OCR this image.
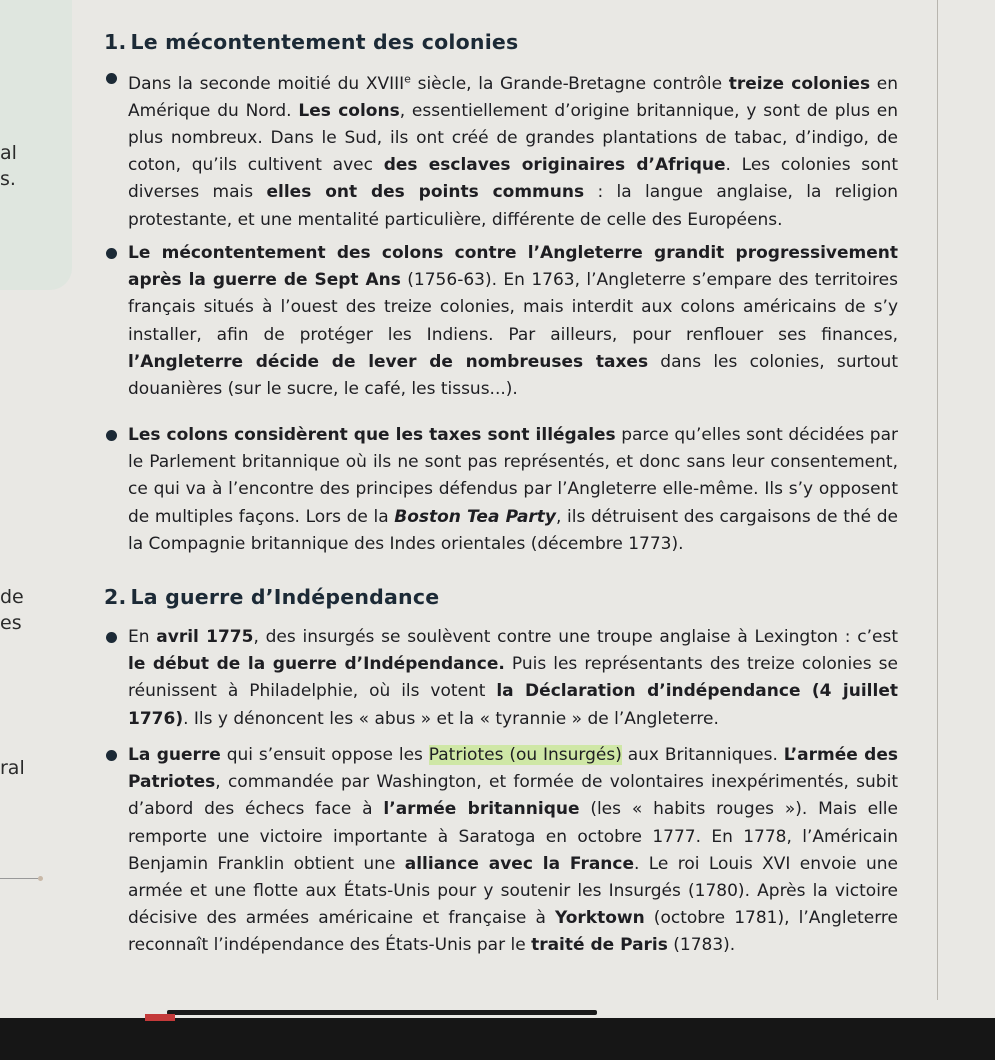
al
s.
de
es
ral
1. Le mécontentement des colonies
Dans la seconde moitié du XVIIIe siècle, la Grande-Bretagne contrôle treize colonies en Amérique du Nord. Les colons, essentiellement d’origine britannique, y sont de plus en plus nombreux. Dans le Sud, ils ont créé de grandes plantations de tabac, d’indigo, de coton, qu’ils cultivent avec des esclaves originaires d’Afrique. Les colonies sont diverses mais elles ont des points communs : la langue anglaise, la religion protestante, et une mentalité particulière, différente de celle des Européens.
Le mécontentement des colons contre l’Angleterre grandit progressivement après la guerre de Sept Ans (1756-63). En 1763, l’Angleterre s’empare des territoires français situés à l’ouest des treize colonies, mais interdit aux colons américains de s’y installer, afin de protéger les Indiens. Par ailleurs, pour renflouer ses finances, l’Angleterre décide de lever de nombreuses taxes dans les colonies, surtout douanières (sur le sucre, le café, les tissus...).
Les colons considèrent que les taxes sont illégales parce qu’elles sont décidées par le Parlement britannique où ils ne sont pas représentés, et donc sans leur consentement, ce qui va à l’encontre des principes défendus par l’Angleterre elle-même. Ils s’y opposent de multiples façons. Lors de la Boston Tea Party, ils détruisent des cargaisons de thé de la Compagnie britannique des Indes orientales (décembre 1773).
2. La guerre d’Indépendance
En avril 1775, des insurgés se soulèvent contre une troupe anglaise à Lexington : c’est le début de la guerre d’Indépendance. Puis les représentants des treize colonies se réunissent à Philadelphie, où ils votent la Déclaration d’indépendance (4 juillet 1776). Ils y dénoncent les « abus » et la « tyrannie » de l’Angleterre.
La guerre qui s’ensuit oppose les Patriotes (ou Insurgés) aux Britanniques. L’armée des Patriotes, commandée par Washington, et formée de volontaires inexpérimentés, subit d’abord des échecs face à l’armée britannique (les « habits rouges »). Mais elle remporte une victoire importante à Saratoga en octobre 1777. En 1778, l’Américain Benjamin Franklin obtient une alliance avec la France. Le roi Louis XVI envoie une armée et une flotte aux États-Unis pour y soutenir les Insurgés (1780). Après la victoire décisive des armées américaine et française à Yorktown (octobre 1781), l’Angleterre reconnaît l’indépendance des États-Unis par le traité de Paris (1783).
